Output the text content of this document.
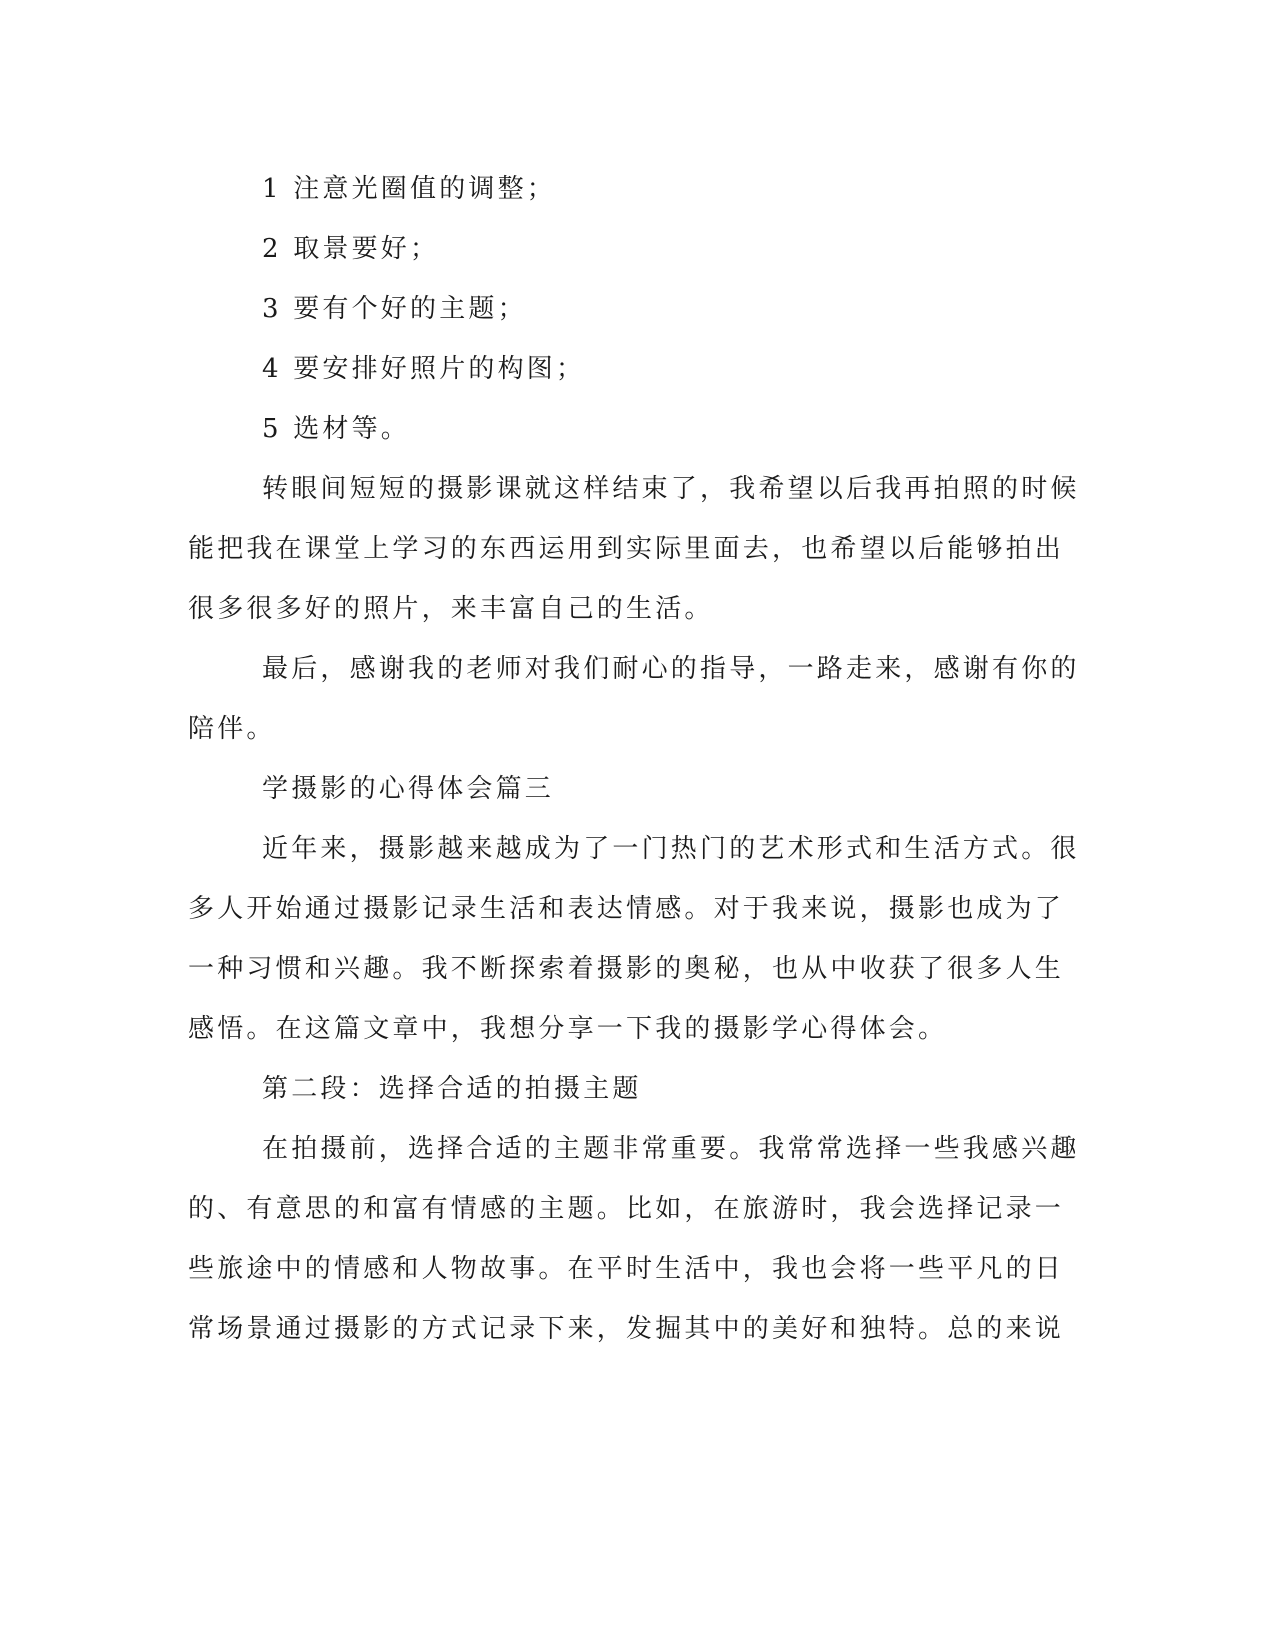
1 注意光圈值的调整；
2 取景要好；
3 要有个好的主题；
4 要安排好照片的构图；
5 选材等。
转眼间短短的摄影课就这样结束了，我希望以后我再拍照的时候
能把我在课堂上学习的东西运用到实际里面去，也希望以后能够拍出
很多很多好的照片，来丰富自己的生活。
最后，感谢我的老师对我们耐心的指导，一路走来，感谢有你的
陪伴。
学摄影的心得体会篇三
近年来，摄影越来越成为了一门热门的艺术形式和生活方式。很
多人开始通过摄影记录生活和表达情感。对于我来说，摄影也成为了
一种习惯和兴趣。我不断探索着摄影的奥秘，也从中收获了很多人生
感悟。在这篇文章中，我想分享一下我的摄影学心得体会。
第二段：选择合适的拍摄主题
在拍摄前，选择合适的主题非常重要。我常常选择一些我感兴趣
的、有意思的和富有情感的主题。比如，在旅游时，我会选择记录一
些旅途中的情感和人物故事。在平时生活中，我也会将一些平凡的日
常场景通过摄影的方式记录下来，发掘其中的美好和独特。总的来说
